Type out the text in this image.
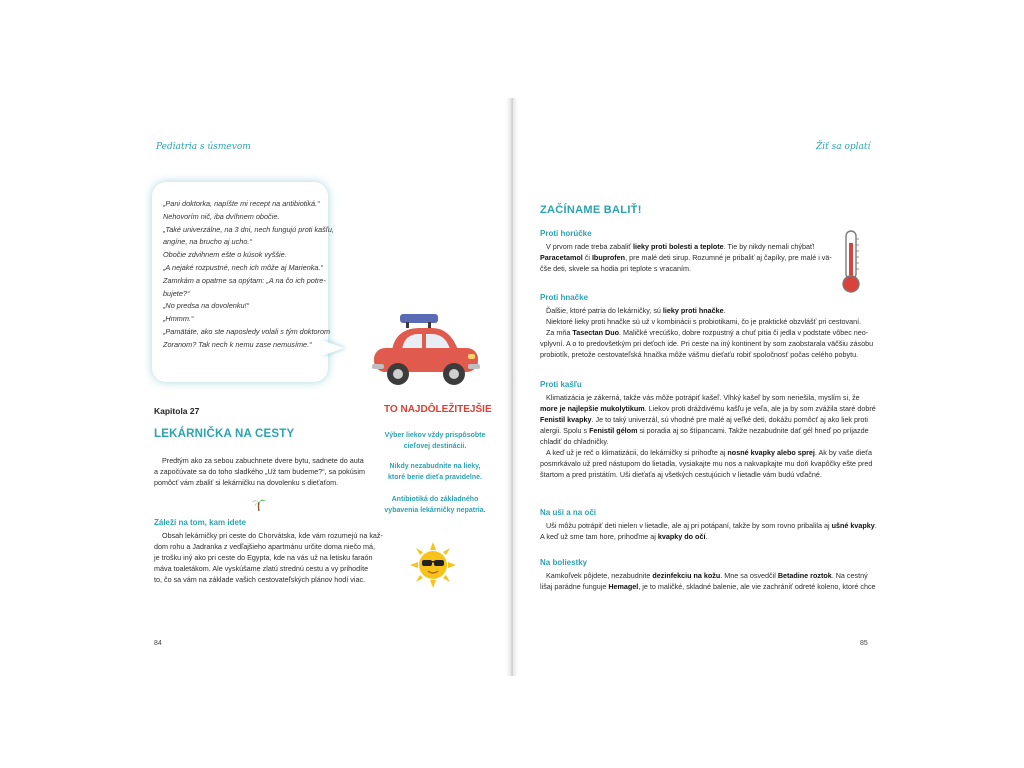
Pediatria s úsmevom
„Pani doktorka, napíšte mi recept na antibiotiká.“
Nehovorím nič, iba dvíhnem obočie.
„Také univerzálne, na 3 dni, nech fungujú proti kašľu,
angíne, na brucho aj ucho.“
Obočie zdvihnem ešte o kúsok vyššie.
„A nejaké rozpustné, nech ich môže aj Marienka.“
Zamrkám a opatrne sa opýtam: „A na čo ich potre-
bujete?“
„No predsa na dovolenku!“
„Hmmm.“
„Pamätáte, ako ste naposledy volali s tým doktorom
Zoranom? Tak nech k nemu zase nemusíme.“
Kapitola 27
LEKÁRNIČKA NA CESTY
Predtým ako za sebou zabuchnete dvere bytu, sadnete do auta
a započúvate sa do toho sladkého „Už tam budeme?“, sa pokúsim
pomôcť vám zbaliť si lekárničku na dovolenku s dieťaťom.
Záleží na tom, kam idete
Obsah lekárničky pri ceste do Chorvátska, kde vám rozumejú na kaž-
dom rohu a Jadranka z vedľajšieho apartmánu určite doma niečo má,
je trošku iný ako pri ceste do Egypta, kde na vás už na letisku faraón
máva toaletákom. Ale vyskúšame zlatú strednú cestu a vy prihodíte
to, čo sa vám na základe vašich cestovateľských plánov hodí viac.
TO NAJDÔLEŽITEJŠIE
Výber liekov vždy prispôsobte
cieľovej destinácii.
Nikdy nezabudnite na lieky,
ktoré berie dieťa pravidelne.
Antibiotiká do základného
vybavenia lekárničky nepatria.
84
Žiť sa oplatí
ZAČÍNAME BALIŤ!
Proti horúčke
V prvom rade treba zabaliť lieky proti bolesti a teplote. Tie by nikdy nemali chýbať!
Paracetamol či Ibuprofen, pre malé deti sirup. Rozumné je pribaliť aj čapíky, pre malé i vä-
čše deti, skvele sa hodia pri teplote s vracaním.
Proti hnačke
Ďalšie, ktoré patria do lekárničky, sú lieky proti hnačke.
Niektoré lieky proti hnačke sú už v kombinácii s probiotikami, čo je praktické obzvlášť pri cestovaní.
Za mňa Tasectan Duo. Maličké vrecúško, dobre rozpustný a chuť pitia či jedla v podstate vôbec neo-
vplyvní. A o to predovšetkým pri deťoch ide. Pri ceste na iný kontinent by som zaobstarala väčšiu zásobu
probiotík, pretože cestovateľská hnačka môže vášmu dieťaťu robiť spoločnosť počas celého pobytu.
Proti kašľu
Klimatizácia je zákerná, takže vás môže potrápiť kašeľ. Vlhký kašeľ by som neriešila, myslím si, že
more je najlepšie mukolytikum. Liekov proti dráždivému kašľu je veľa, ale ja by som zvážila staré dobré
Fenistil kvapky. Je to taký univerzál, sú vhodné pre malé aj veľké deti, dokážu pomôcť aj ako liek proti
alergii. Spolu s Fenistil gélom si poradia aj so štípancami. Takže nezabudnite dať gél hneď po príjazde
chladiť do chladničky.
A keď už je reč o klimatizácii, do lekárničky si prihoďte aj nosné kvapky alebo sprej. Ak by vaše dieťa
posmrkávalo už pred nástupom do lietadla, vysiakajte mu nos a nakvapkajte mu doň kvapôčky ešte pred
štartom a pred pristátím. Uši dieťaťa aj všetkých cestujúcich v lietadle vám budú vďačné.
Na uši a na oči
Uši môžu potrápiť deti nielen v lietadle, ale aj pri potápaní, takže by som rovno pribalila aj ušné kvapky.
A keď už sme tam hore, prihoďme aj kvapky do očí.
Na boliestky
Kamkoľvek pôjdete, nezabudnite dezinfekciu na kožu. Mne sa osvedčil Betadine roztok. Na cestný
lišaj parádne funguje Hemagel, je to maličké, skladné balenie, ale vie zachrániť odreté koleno, ktoré chce
85
